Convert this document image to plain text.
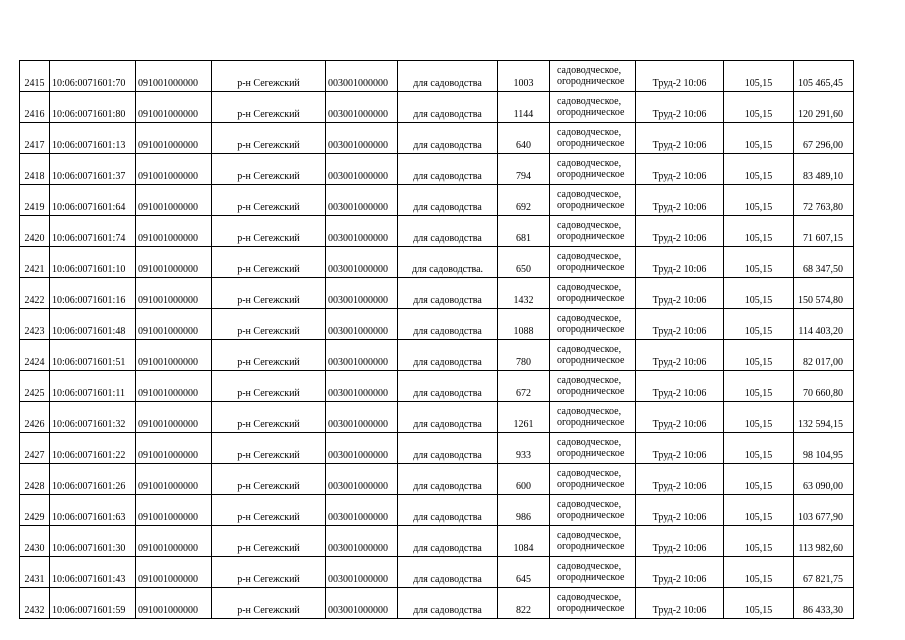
2415	10:06:0071601:70	091001000000	р-н Сегежский	003001000000	для садоводства	1003	садоводческое,
огородническое	Труд-2 10:06	105,15	105 465,45
2416	10:06:0071601:80	091001000000	р-н Сегежский	003001000000	для садоводства	1144	садоводческое,
огородническое	Труд-2 10:06	105,15	120 291,60
2417	10:06:0071601:13	091001000000	р-н Сегежский	003001000000	для садоводства	640	садоводческое,
огородническое	Труд-2 10:06	105,15	67 296,00
2418	10:06:0071601:37	091001000000	р-н Сегежский	003001000000	для садоводства	794	садоводческое,
огородническое	Труд-2 10:06	105,15	83 489,10
2419	10:06:0071601:64	091001000000	р-н Сегежский	003001000000	для садоводства	692	садоводческое,
огородническое	Труд-2 10:06	105,15	72 763,80
2420	10:06:0071601:74	091001000000	р-н Сегежский	003001000000	для садоводства	681	садоводческое,
огородническое	Труд-2 10:06	105,15	71 607,15
2421	10:06:0071601:10	091001000000	р-н Сегежский	003001000000	для садоводства.	650	садоводческое,
огородническое	Труд-2 10:06	105,15	68 347,50
2422	10:06:0071601:16	091001000000	р-н Сегежский	003001000000	для садоводства	1432	садоводческое,
огородническое	Труд-2 10:06	105,15	150 574,80
2423	10:06:0071601:48	091001000000	р-н Сегежский	003001000000	для садоводства	1088	садоводческое,
огородническое	Труд-2 10:06	105,15	114 403,20
2424	10:06:0071601:51	091001000000	р-н Сегежский	003001000000	для садоводства	780	садоводческое,
огородническое	Труд-2 10:06	105,15	82 017,00
2425	10:06:0071601:11	091001000000	р-н Сегежский	003001000000	для садоводства	672	садоводческое,
огородническое	Труд-2 10:06	105,15	70 660,80
2426	10:06:0071601:32	091001000000	р-н Сегежский	003001000000	для садоводства	1261	садоводческое,
огородническое	Труд-2 10:06	105,15	132 594,15
2427	10:06:0071601:22	091001000000	р-н Сегежский	003001000000	для садоводства	933	садоводческое,
огородническое	Труд-2 10:06	105,15	98 104,95
2428	10:06:0071601:26	091001000000	р-н Сегежский	003001000000	для садоводства	600	садоводческое,
огородническое	Труд-2 10:06	105,15	63 090,00
2429	10:06:0071601:63	091001000000	р-н Сегежский	003001000000	для садоводства	986	садоводческое,
огородническое	Труд-2 10:06	105,15	103 677,90
2430	10:06:0071601:30	091001000000	р-н Сегежский	003001000000	для садоводства	1084	садоводческое,
огородническое	Труд-2 10:06	105,15	113 982,60
2431	10:06:0071601:43	091001000000	р-н Сегежский	003001000000	для садоводства	645	садоводческое,
огородническое	Труд-2 10:06	105,15	67 821,75
2432	10:06:0071601:59	091001000000	р-н Сегежский	003001000000	для садоводства	822	садоводческое,
огородническое	Труд-2 10:06	105,15	86 433,30
